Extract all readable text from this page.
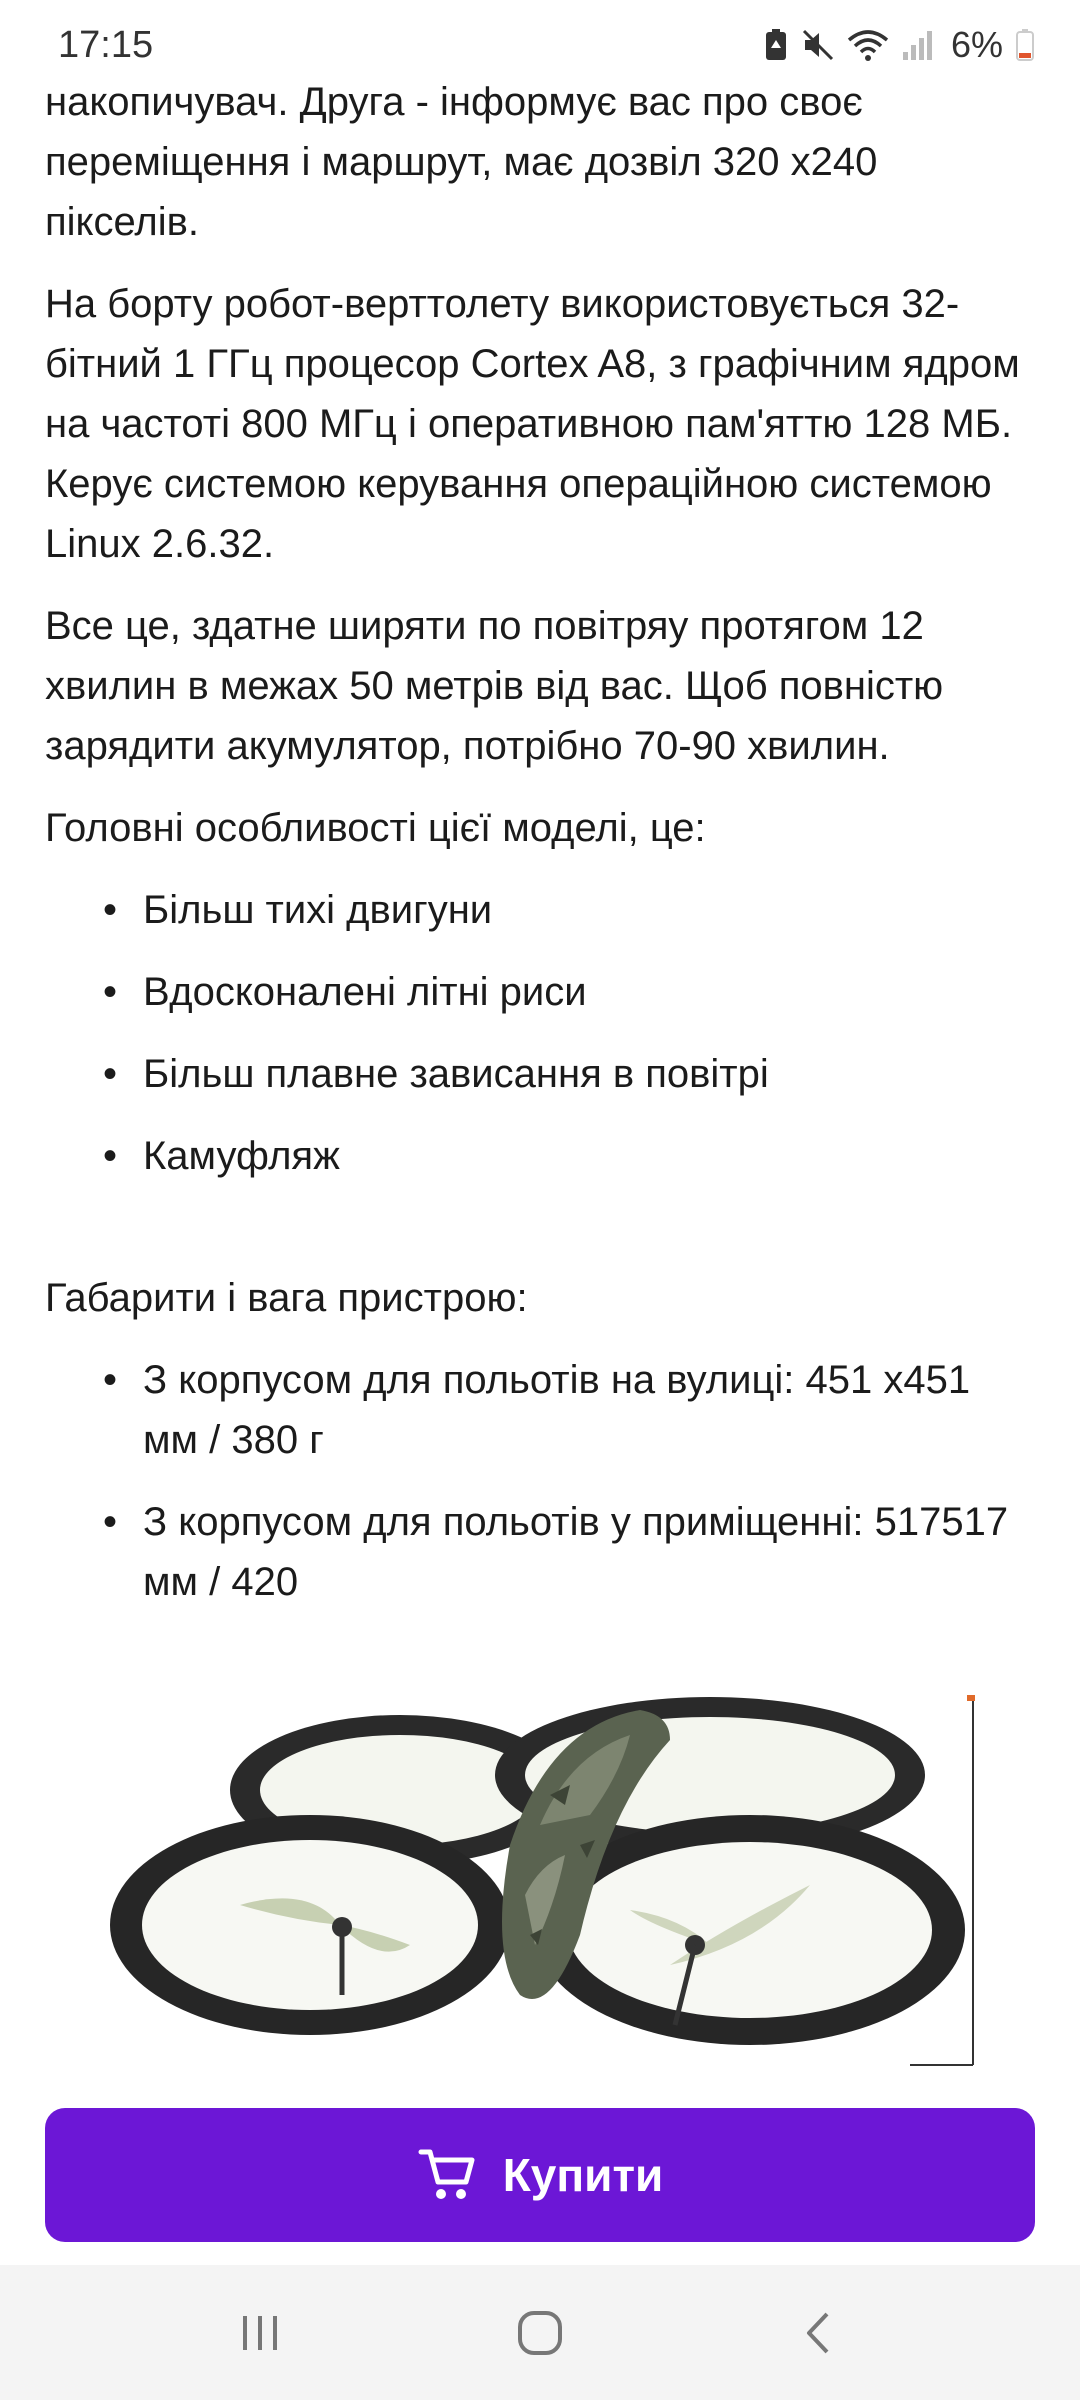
17:15	6%

накопичувач. Друга - інформує вас про своє переміщення і маршрут, має дозвіл 320 x240 пікселів.

На борту робот-верттолету використовується 32-бітний 1 ГГц процесор Cortex A8, з графічним ядром на частоті 800 МГц і оперативною пам'яттю 128 МБ. Керує системою керування операційною системою Linux 2.6.32.

Все це, здатне ширяти по повітряу протягом 12 хвилин в межах 50 метрів від вас. Щоб повністю зарядити акумулятор, потрібно 70-90 хвилин.

Головні особливості цієї моделі, це:

• Більш тихі двигуни
• Вдосконалені літні риси
• Більш плавне зависання в повітрі
• Камуфляж

Габарити і вага пристрою:

• З корпусом для польотів на вулиці: 451 x451 мм / 380 г
• З корпусом для польотів у приміщенні: 517517 мм / 420
Купити
